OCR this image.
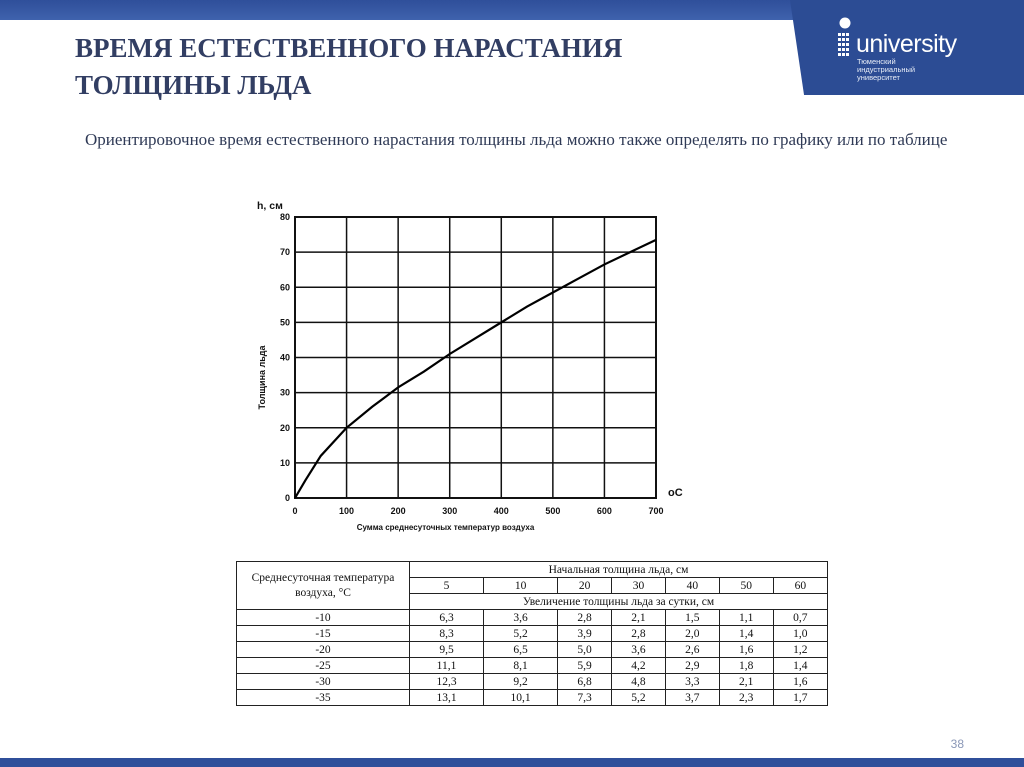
university
Тюменский
индустриальный
университет
ВРЕМЯ ЕСТЕСТВЕННОГО НАРАСТАНИЯ
ТОЛЩИНЫ ЛЬДА
Ориентировочное время естественного нарастания толщины льда можно также определять по графику или по таблице
0	100	200	300	400	500	600	700
0
10
20
30
40
50
60
70
80
h, см
oC
Сумма среднесуточных температур воздуха
Толщина льда
Среднесуточная температура воздуха, °С	Начальная толщина льда, см						
	5	10	20	30	40	50	60
	Увеличение толщины льда за сутки, см						
-10	6,3	3,6	2,8	2,1	1,5	1,1	0,7
-15	8,3	5,2	3,9	2,8	2,0	1,4	1,0
-20	9,5	6,5	5,0	3,6	2,6	1,6	1,2
-25	11,1	8,1	5,9	4,2	2,9	1,8	1,4
-30	12,3	9,2	6,8	4,8	3,3	2,1	1,6
-35	13,1	10,1	7,3	5,2	3,7	2,3	1,7
38
